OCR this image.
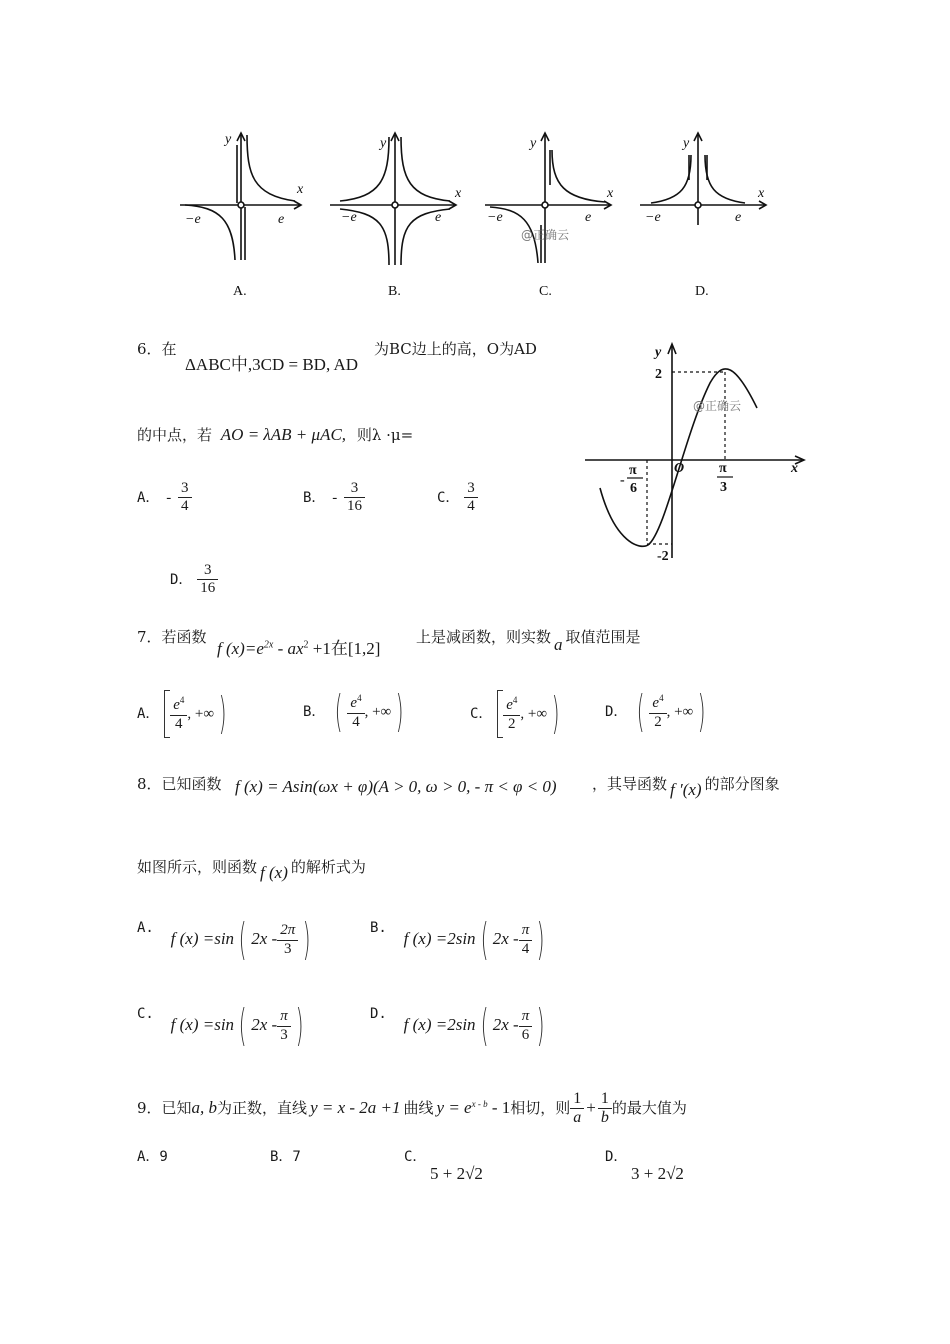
y
x
−e	e
y
x
−e	e
y
x
−e	e
y
x
−e	e
@正确云
A.	B.	C.	D.
6．在
ΔABC中,3CD = BD, AD
为BC边上的高，O为AD
的中点，若 AO = λAB + μAC, 则λ ·μ=
A． - $\frac{3}{4}$	B． - $\frac{3}{16}$	C． $\frac{3}{4}$
D． $\frac{3}{16}$
y
x
2
-2
O
-
π
6
π
3
@正确云
7．若函数
f $(x)=e^{2x} - ax^2 +1$在[1,2]
上是减函数，则实数 a 取值范围是
A． $\frac{e^4}{4}$ , +∞ )	B． ( $\frac{e^4}{4}$ , +∞ )	C． $\frac{e^4}{2}$ , +∞ )	D． ( $\frac{e^4}{2}$ , +∞ )
8．已知函数 f (x) = Asin(ωx + φ)(A > 0, ω > 0, - π < φ < 0) ，其导函数 f ′(x) 的部分图象
如图所示，则函数 f (x) 的解析式为
A. f (x) =sin ( $2x - \frac{2\pi}{3}$ )	B. f (x) =2sin ( $2x - \frac{\pi}{4}$ )
C. f (x) =sin ( $2x - \frac{\pi}{3}$ )	D. f (x) =2sin ( $2x - \frac{\pi}{6}$ )
9．已知a, b为正数，直线 y = x - 2a +1 曲线 $y = e^{x - b} - 1$相切，则 $\frac{1}{a} + \frac{1}{b}$ 的最大值为
A．9	B．7	C．
5 + 2√2
D．
3 + 2√2
